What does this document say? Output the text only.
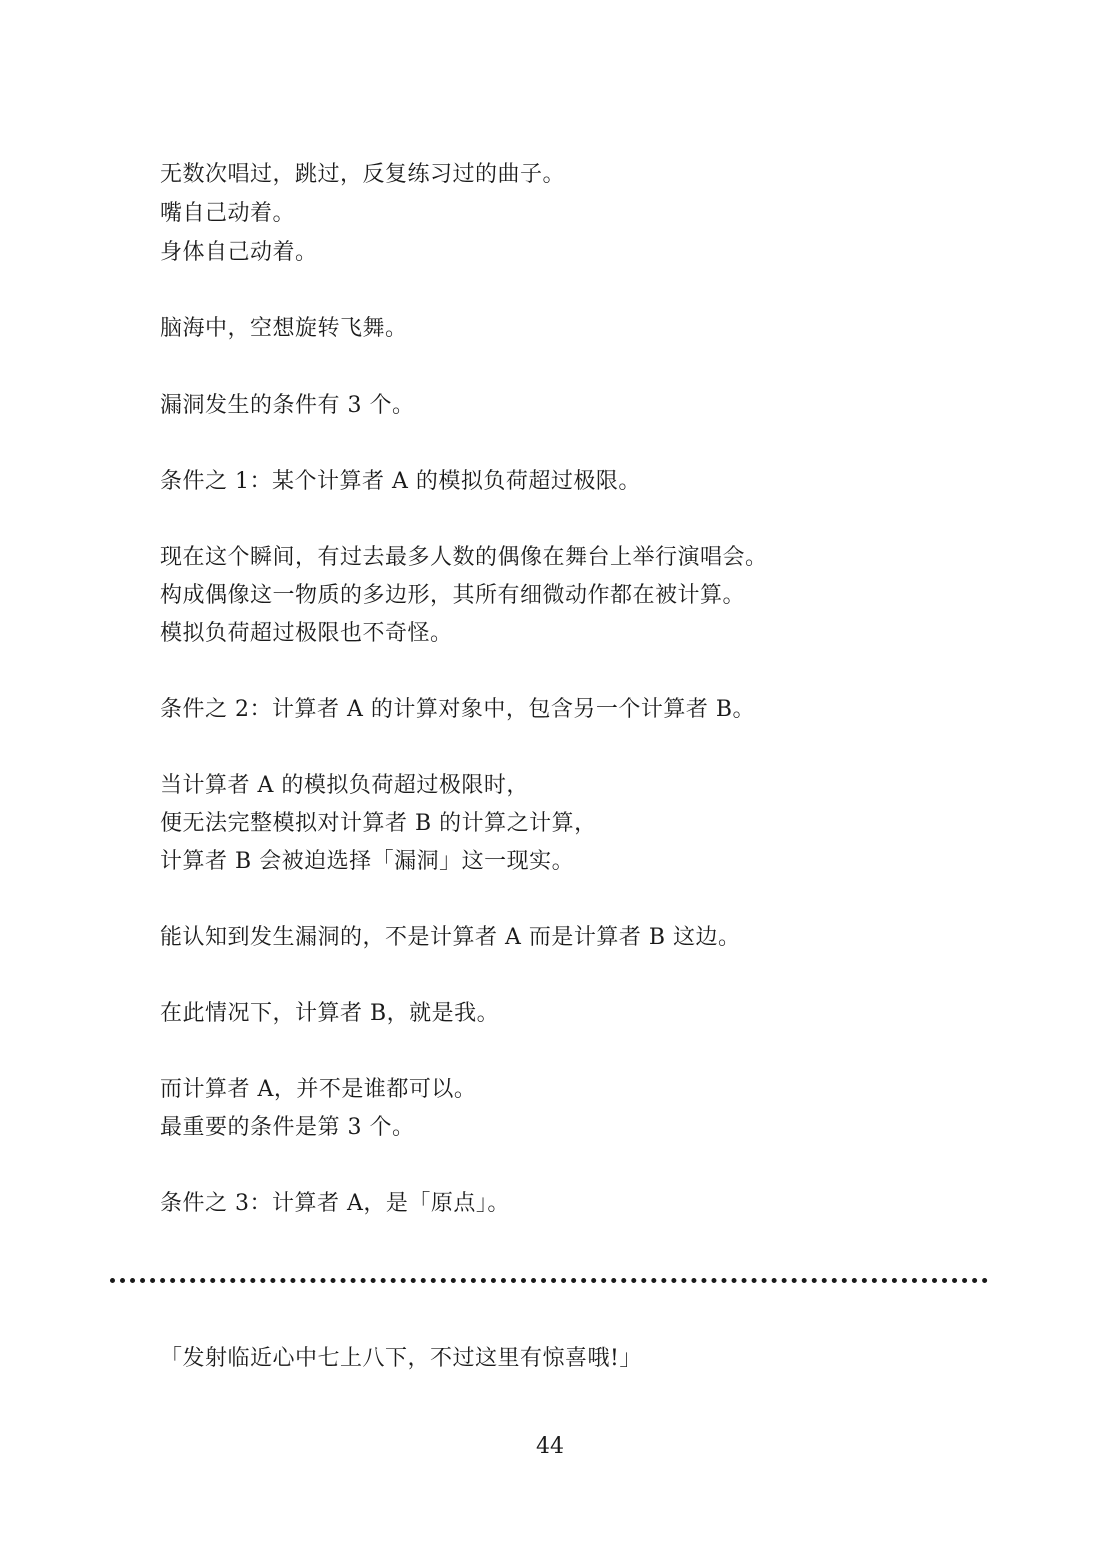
无数次唱过，跳过，反复练习过的曲子。
嘴自己动着。
身体自己动着。
脑海中，空想旋转飞舞。
漏洞发生的条件有 3 个。
条件之 1：某个计算者 A 的模拟负荷超过极限。
现在这个瞬间，有过去最多人数的偶像在舞台上举行演唱会。
构成偶像这一物质的多边形，其所有细微动作都在被计算。
模拟负荷超过极限也不奇怪。
条件之 2：计算者 A 的计算对象中，包含另一个计算者 B。
当计算者 A 的模拟负荷超过极限时，
便无法完整模拟对计算者 B 的计算之计算，
计算者 B 会被迫选择「漏洞」这一现实。
能认知到发生漏洞的，不是计算者 A 而是计算者 B 这边。
在此情况下，计算者 B，就是我。
而计算者 A，并不是谁都可以。
最重要的条件是第 3 个。
条件之 3：计算者 A，是「原点」。
「发射临近心中七上八下，不过这里有惊喜哦!」
44
